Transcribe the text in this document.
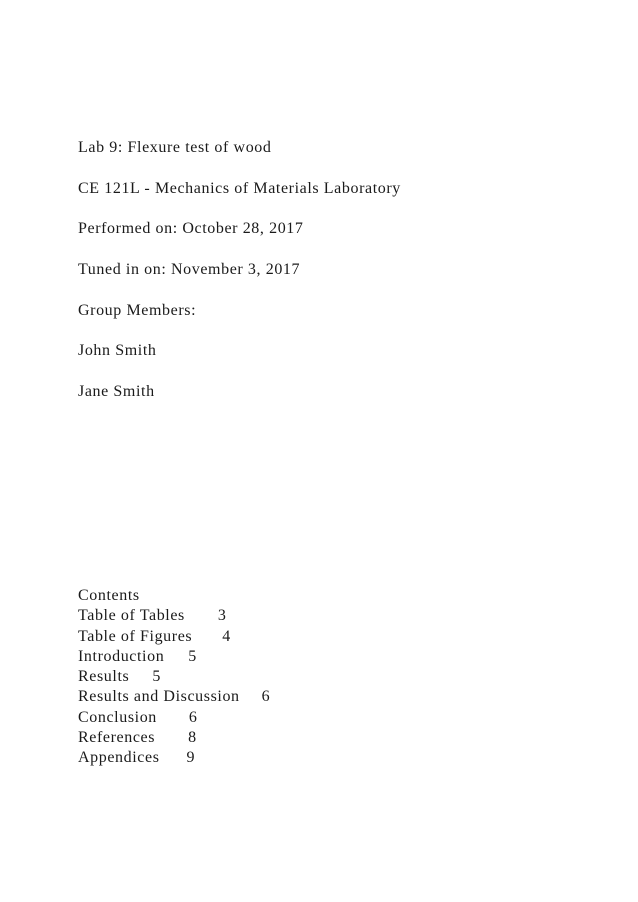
Lab 9: Flexure test of wood
CE 121L - Mechanics of Materials Laboratory
Performed on: October 28, 2017
Tuned in on: November 3, 2017
Group Members:
John Smith
Jane Smith
Contents
Table of Tables 3
Table of Figures 4
Introduction 5
Results 5
Results and Discussion 6
Conclusion 6
References 8
Appendices 9
